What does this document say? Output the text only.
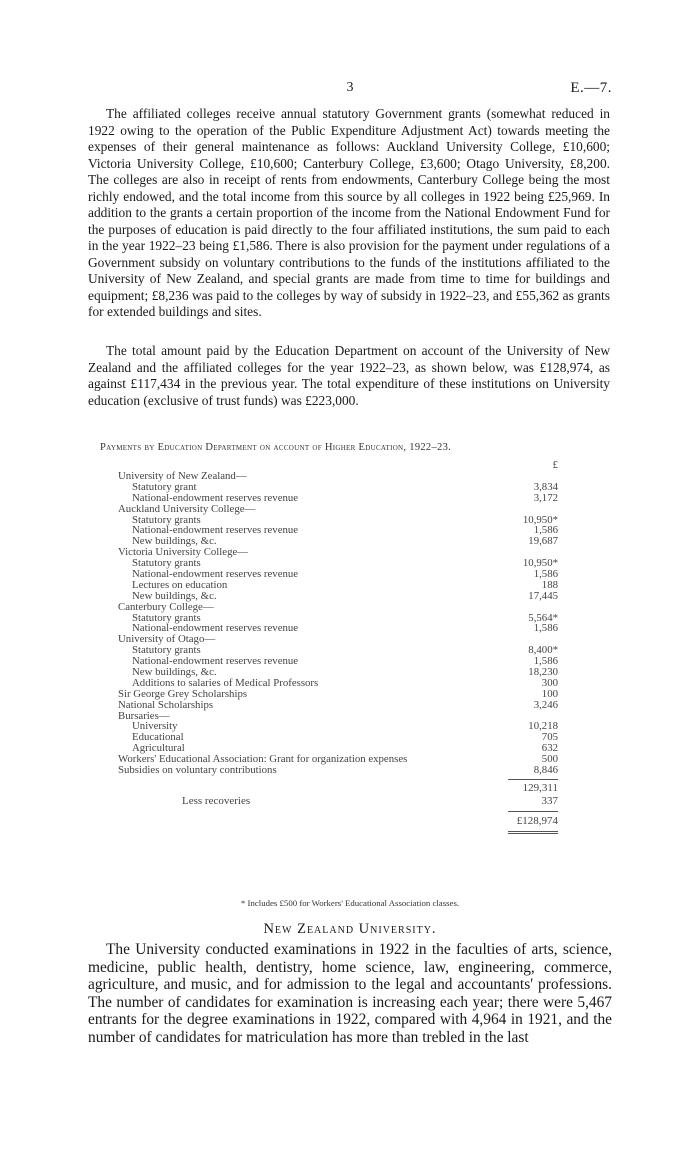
3	E.—7.

The affiliated colleges receive annual statutory Government grants (somewhat reduced in 1922 owing to the operation of the Public Expenditure Adjustment Act) towards meeting the expenses of their general maintenance as follows: Auckland University College, £10,600; Victoria University College, £10,600; Canterbury College, £3,600; Otago University, £8,200. The colleges are also in receipt of rents from endowments, Canterbury College being the most richly endowed, and the total income from this source by all colleges in 1922 being £25,969. In addition to the grants a certain proportion of the income from the National Endowment Fund for the purposes of education is paid directly to the four affiliated institutions, the sum paid to each in the year 1922–23 being £1,586. There is also provision for the payment under regulations of a Government subsidy on voluntary contributions to the funds of the institutions affiliated to the University of New Zealand, and special grants are made from time to time for buildings and equipment; £8,236 was paid to the colleges by way of subsidy in 1922–23, and £55,362 as grants for extended buildings and sites.

The total amount paid by the Education Department on account of the University of New Zealand and the affiliated colleges for the year 1922–23, as shown below, was £128,974, as against £117,434 in the previous year. The total expenditure of these institutions on University education (exclusive of trust funds) was £223,000.

Payments by Education Department on account of Higher Education, 1922–23.
£
University of New Zealand—
Statutory grant	3,834
National-endowment reserves revenue	3,172
Auckland University College—
Statutory grants	10,950*
National-endowment reserves revenue	1,586
New buildings, &c.	19,687
Victoria University College—
Statutory grants	10,950*
National-endowment reserves revenue	1,586
Lectures on education	188
New buildings, &c.	17,445
Canterbury College—
Statutory grants	5,564*
National-endowment reserves revenue	1,586
University of Otago—
Statutory grants	8,400*
National-endowment reserves revenue	1,586
New buildings, &c.	18,230
Additions to salaries of Medical Professors	300
Sir George Grey Scholarships	100
National Scholarships	3,246
Bursaries—
University	10,218
Educational	705
Agricultural	632
Workers' Educational Association: Grant for organization expenses	500
Subsidies on voluntary contributions	8,846
129,311
Less recoveries	337
£128,974
* Includes £500 for Workers' Educational Association classes.
New Zealand University.

The University conducted examinations in 1922 in the faculties of arts, science, medicine, public health, dentistry, home science, law, engineering, commerce, agriculture, and music, and for admission to the legal and accountants' professions. The number of candidates for examination is increasing each year; there were 5,467 entrants for the degree examinations in 1922, compared with 4,964 in 1921, and the number of candidates for matriculation has more than trebled in the last
